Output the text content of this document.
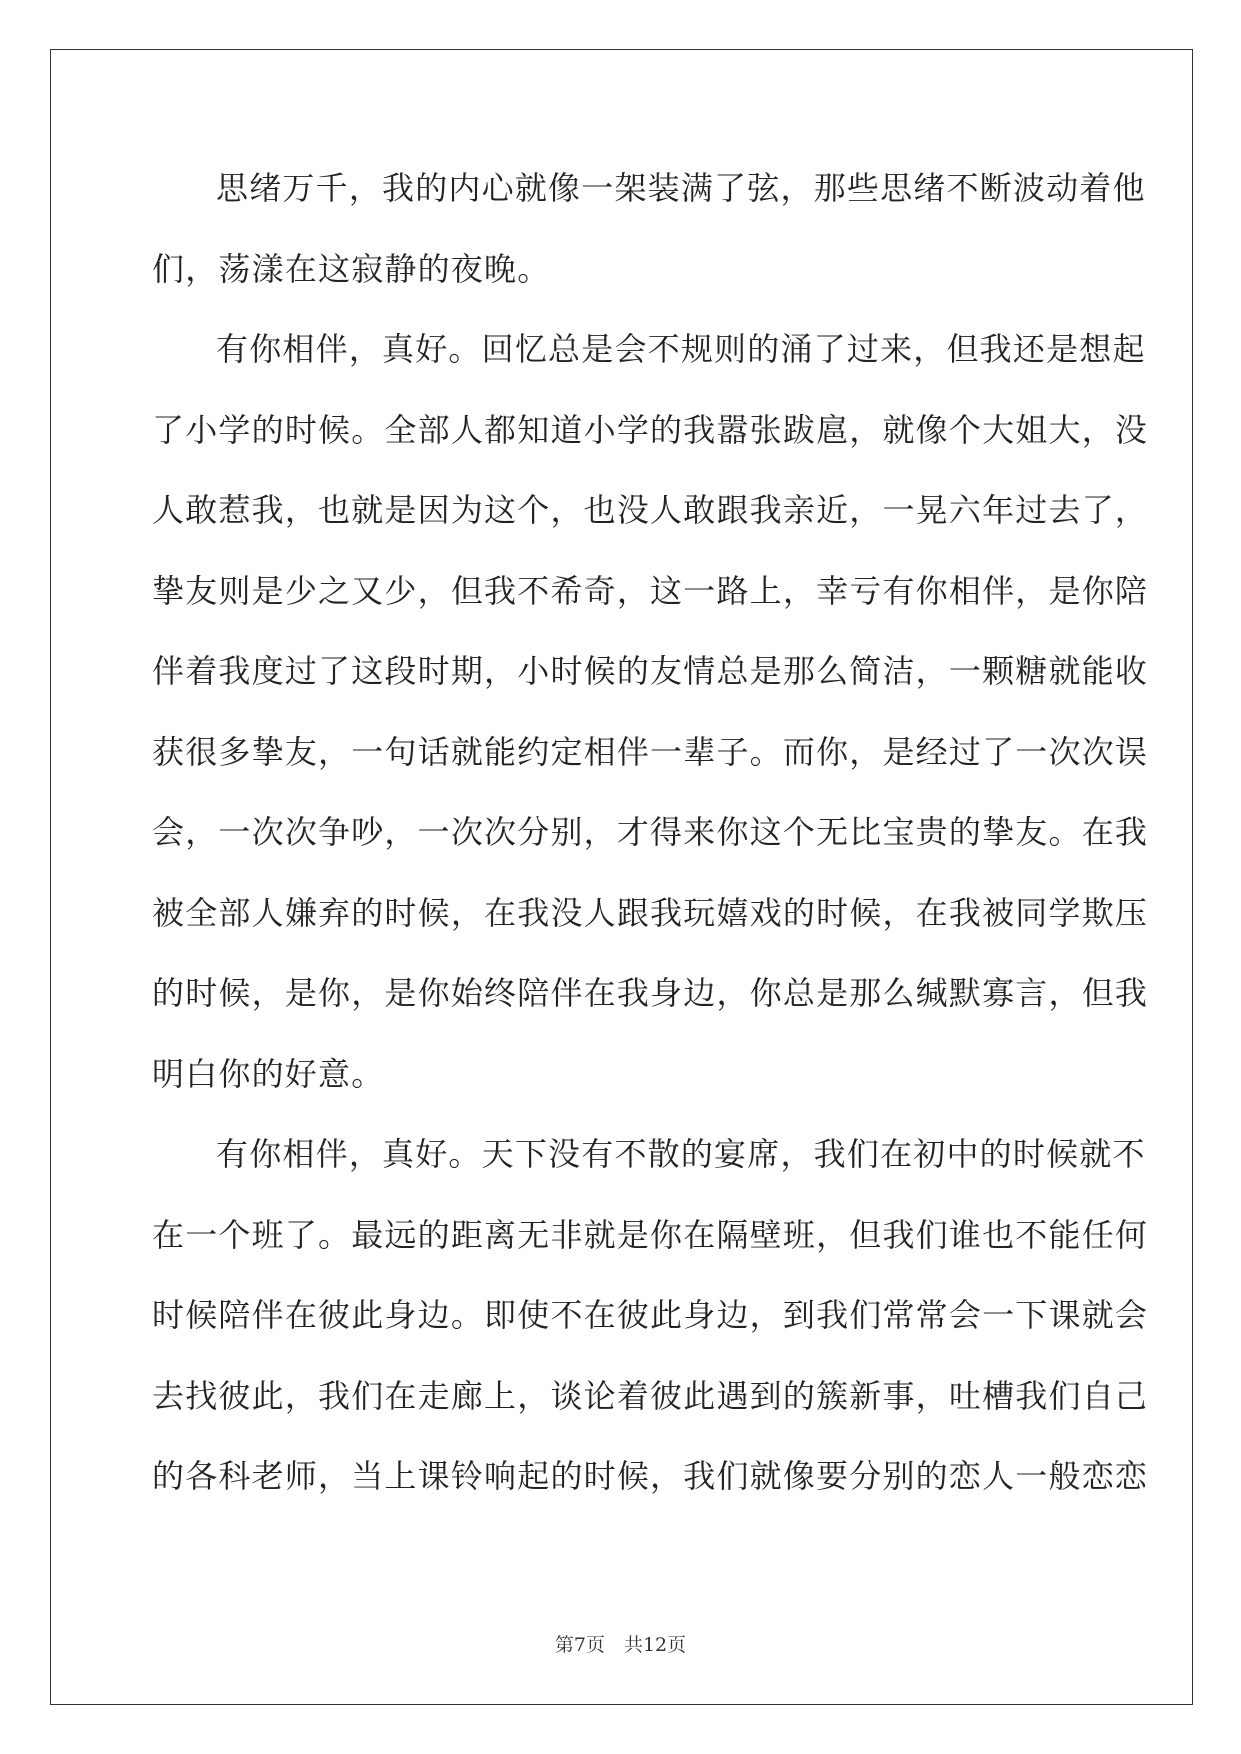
思 绪 万 千 ， 我 的 内 心 就 像 一 架 装 满 了 弦 ， 那 些 思 绪 不 断 波 动 着 他
们，荡漾在这寂静的夜晚。
有 你 相 伴 ， 真 好 。 回 忆 总 是 会 不 规 则 的 涌 了 过 来 ， 但 我 还 是 想 起
了 小 学 的 时 候 。 全 部 人 都 知 道 小 学 的 我 嚣 张 跋 扈 ， 就 像 个 大 姐 大 ， 没
人 敢 惹 我 ， 也 就 是 因 为 这 个 ， 也 没 人 敢 跟 我 亲 近 ， 一 晃 六 年 过 去 了 ，
挚 友 则 是 少 之 又 少 ， 但 我 不 希 奇 ， 这 一 路 上 ， 幸 亏 有 你 相 伴 ， 是 你 陪
伴 着 我 度 过 了 这 段 时 期 ， 小 时 候 的 友 情 总 是 那 么 简 洁 ， 一 颗 糖 就 能 收
获 很 多 挚 友 ， 一 句 话 就 能 约 定 相 伴 一 辈 子 。 而 你 ， 是 经 过 了 一 次 次 误
会 ， 一 次 次 争 吵 ， 一 次 次 分 别 ， 才 得 来 你 这 个 无 比 宝 贵 的 挚 友 。 在 我
被 全 部 人 嫌 弃 的 时 候 ， 在 我 没 人 跟 我 玩 嬉 戏 的 时 候 ， 在 我 被 同 学 欺 压
的 时 候 ， 是 你 ， 是 你 始 终 陪 伴 在 我 身 边 ， 你 总 是 那 么 缄 默 寡 言 ， 但 我
明白你的好意。
有 你 相 伴 ， 真 好 。 天 下 没 有 不 散 的 宴 席 ， 我 们 在 初 中 的 时 候 就 不
在 一 个 班 了 。 最 远 的 距 离 无 非 就 是 你 在 隔 壁 班 ， 但 我 们 谁 也 不 能 任 何
时 候 陪 伴 在 彼 此 身 边 。 即 使 不 在 彼 此 身 边 ， 到 我 们 常 常 会 一 下 课 就 会
去 找 彼 此 ， 我 们 在 走 廊 上 ， 谈 论 着 彼 此 遇 到 的 簇 新 事 ， 吐 槽 我 们 自 己
的 各 科 老 师 ， 当 上 课 铃 响 起 的 时 候 ， 我 们 就 像 要 分 别 的 恋 人 一 般 恋 恋
第7页　共12页
